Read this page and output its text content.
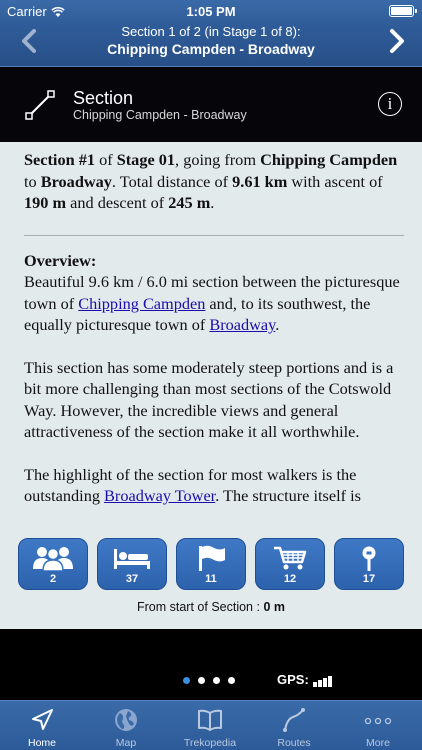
Carrier	1:05 PM
Section 1 of 2 (in Stage 1 of 8):
Chipping Campden - Broadway
Section
Chipping Campden - Broadway
i

Section #1 of Stage 01, going from Chipping Campden to Broadway. Total distance of 9.61 km with ascent of 190 m and descent of 245 m.

Overview:

Beautiful 9.6 km / 6.0 mi section between the picturesque town of Chipping Campden and, to its southwest, the equally picturesque town of Broadway.

This section has some moderately steep portions and is a bit more challenging than most sections of the Cotswold Way. However, the incredible views and general attractiveness of the section make it all worthwhile.

The highlight of the section for most walkers is the outstanding Broadway Tower. The structure itself is

2	37	11	12	17
From start of Section : 0 m
GPS:
Home	Map	Trekopedia	Routes	More
